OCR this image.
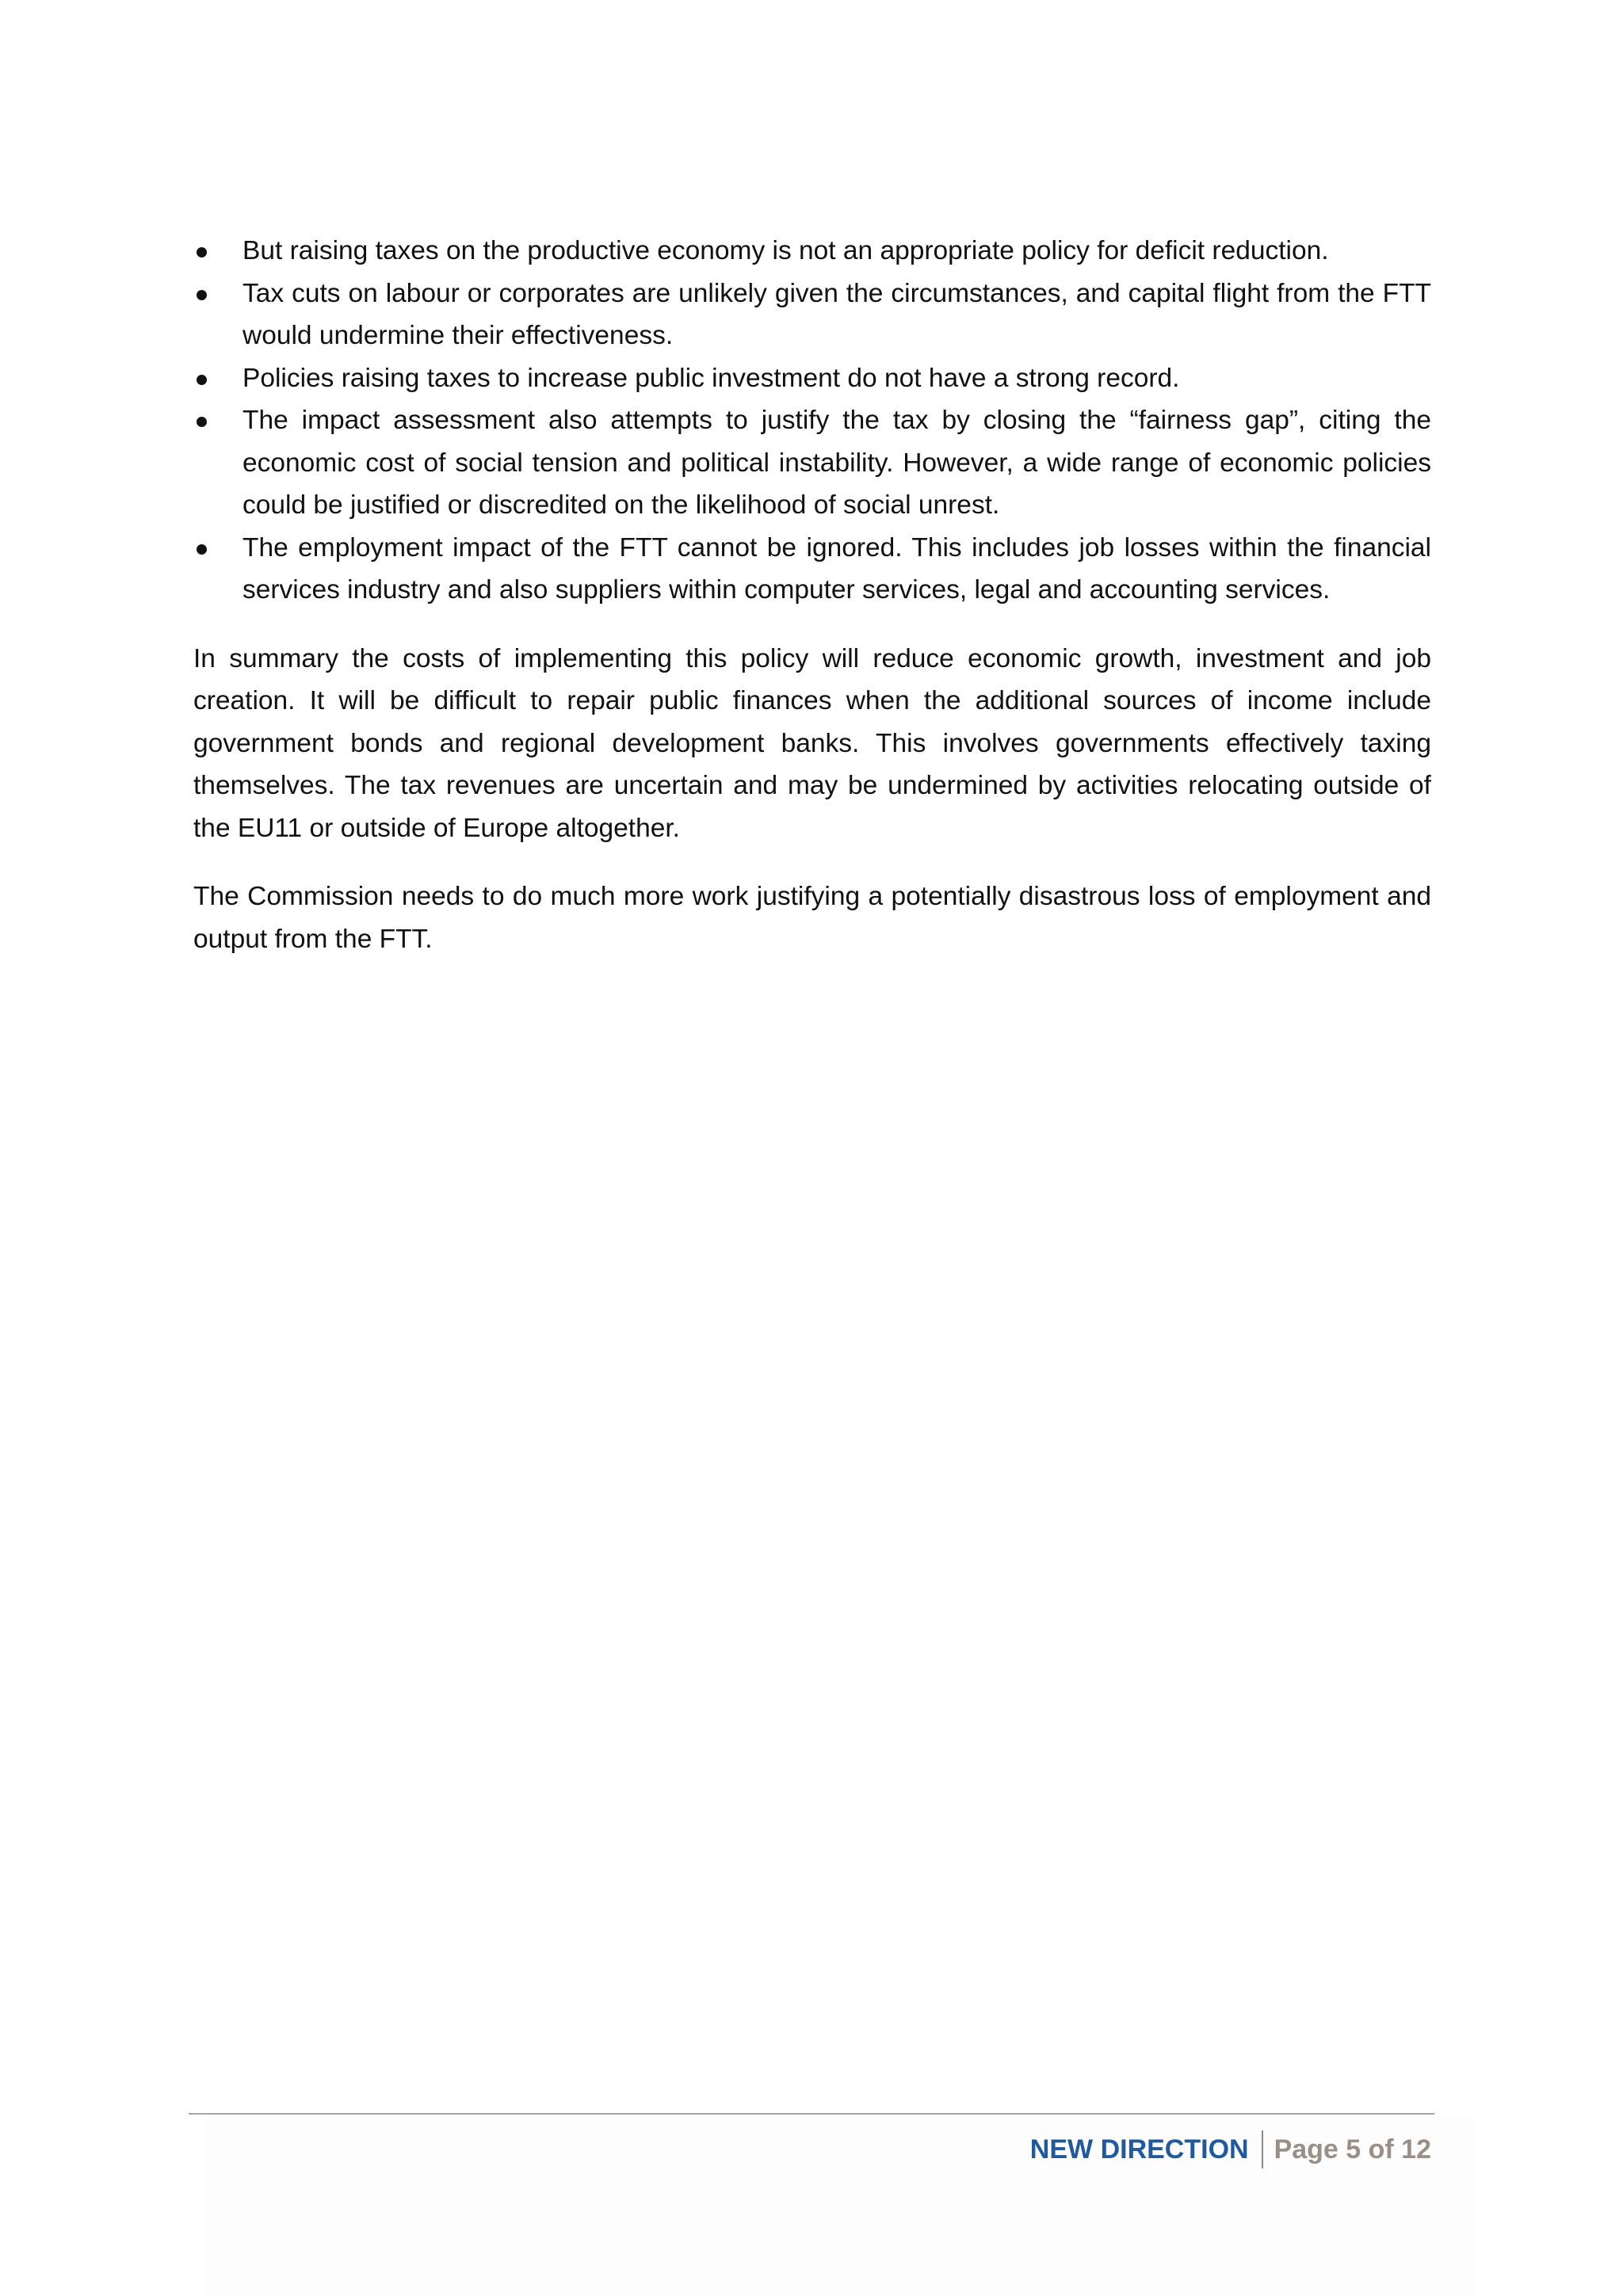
But raising taxes on the productive economy is not an appropriate policy for deficit reduction.
Tax cuts on labour or corporates are unlikely given the circumstances, and capital flight from the FTT would undermine their effectiveness.
Policies raising taxes to increase public investment do not have a strong record.
The impact assessment also attempts to justify the tax by closing the “fairness gap”, citing the economic cost of social tension and political instability. However, a wide range of economic policies could be justified or discredited on the likelihood of social unrest.
The employment impact of the FTT cannot be ignored. This includes job losses within the financial services industry and also suppliers within computer services, legal and accounting services.

In summary the costs of implementing this policy will reduce economic growth, investment and job creation. It will be difficult to repair public finances when the additional sources of income include government bonds and regional development banks. This involves governments effectively taxing themselves. The tax revenues are uncertain and may be undermined by activities relocating outside of the EU11 or outside of Europe altogether.

The Commission needs to do much more work justifying a potentially disastrous loss of employment and output from the FTT.

NEW DIRECTION Page 5 of 12
